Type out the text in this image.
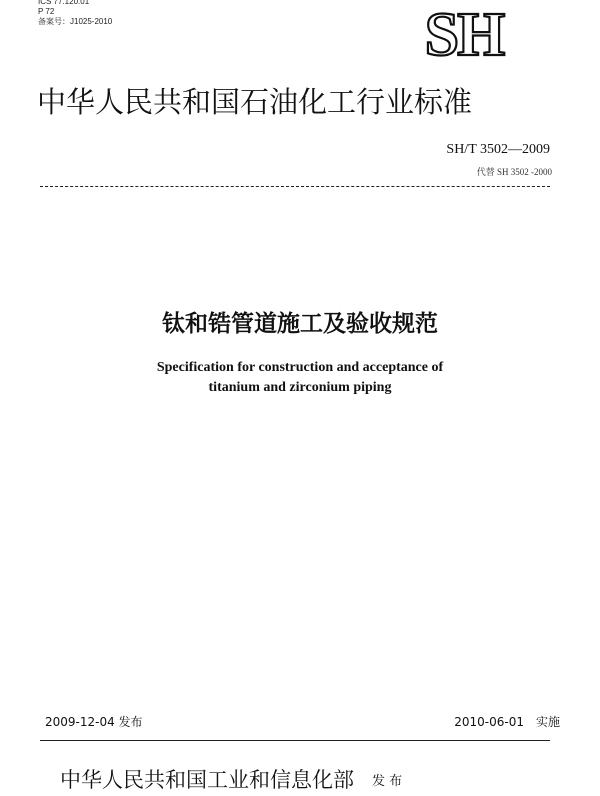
ICS 77.120.01
P 72
备案号：J1025-2010	SH
中华人民共和国石油化工行业标准
SH/T 3502—2009
代替 SH 3502 -2000
钛和锆管道施工及验收规范
Specification for construction and acceptance of
titanium and zirconium piping
2009-12-04 发布	2010-06-01　实施
中华人民共和国工业和信息化部 发 布
